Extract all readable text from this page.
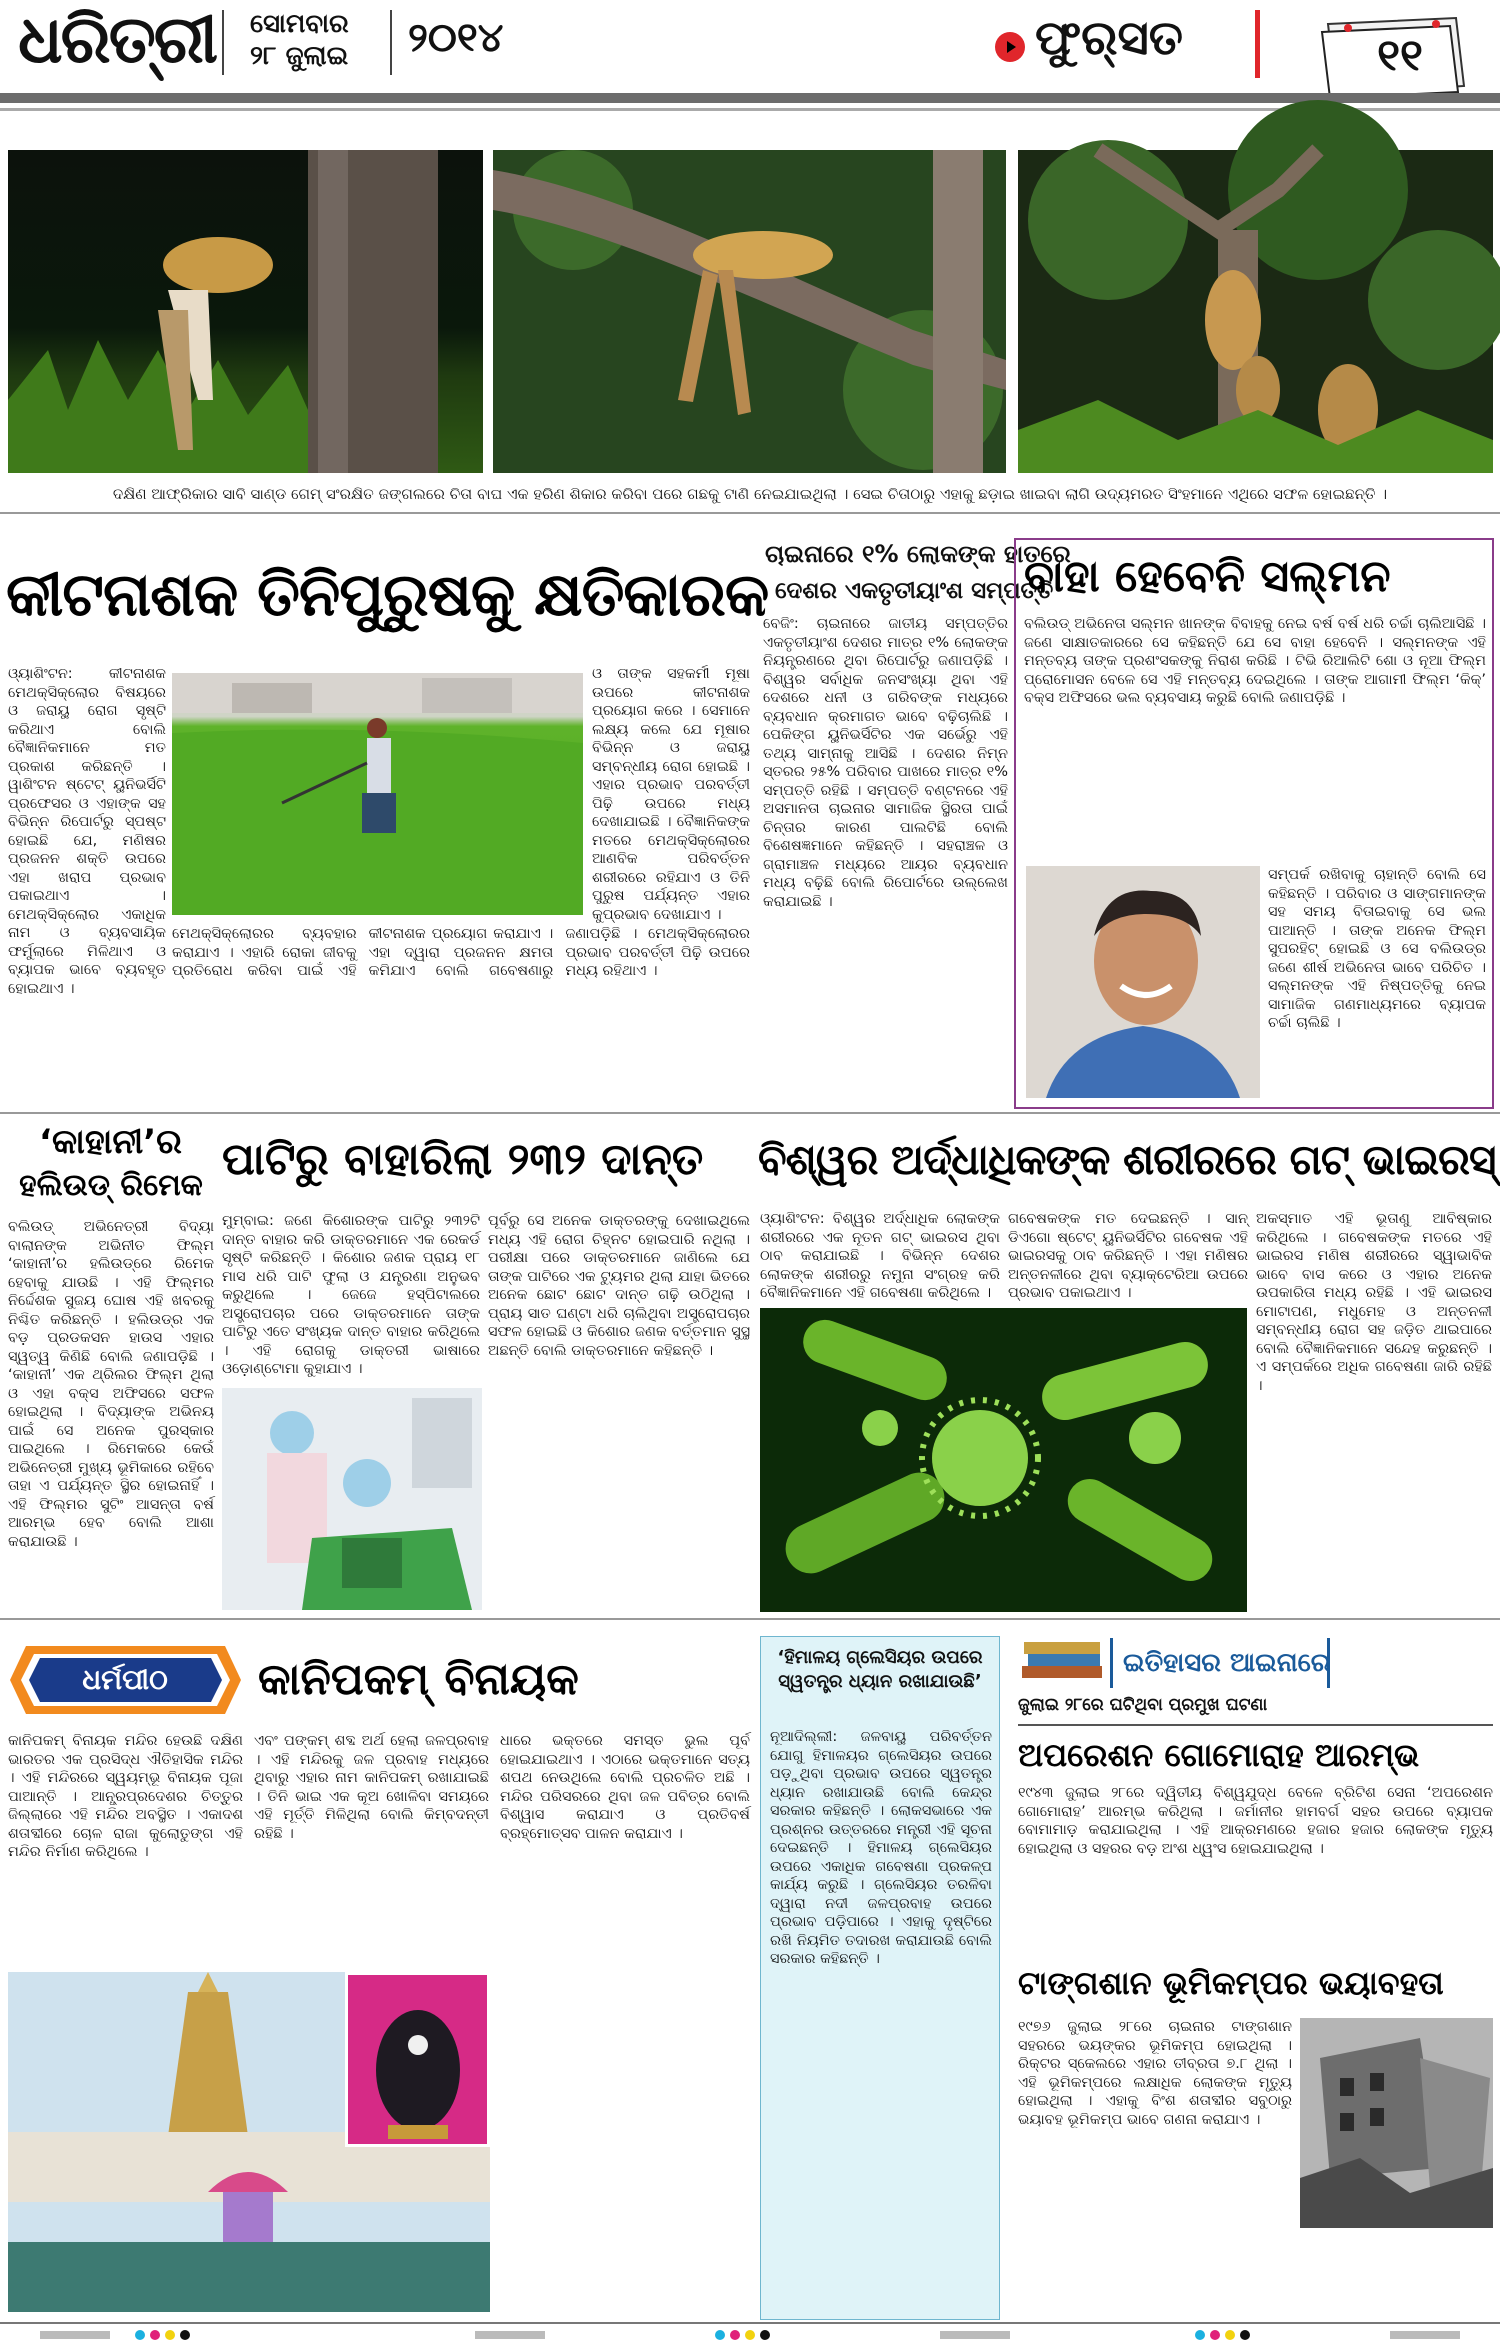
ଧରିତ୍ରୀ	ସୋମବାର
୨୮ ଜୁଲାଇ	୨୦୧୪	ଫୁର୍‌ସତ	୧୧
ଦକ୍ଷିଣ ଆଫ୍ରିକାର ସାବି ସାଣ୍ଡ ଗେମ୍ ସଂରକ୍ଷିତ ଜଙ୍ଗଲରେ ଚିତା ବାଘ ଏକ ହରିଣ ଶିକାର କରିବା ପରେ ଗଛକୁ ଟାଣି ନେଇଯାଇଥିଲା । ସେଇ ଚିତାଠାରୁ ଏହାକୁ ଛଡ଼ାଇ ଖାଇବା ଲାଗି ଉଦ୍ୟମରତ ସିଂହମାନେ ଏଥିରେ ସଫଳ ହୋଇଛନ୍ତି ।
କୀଟନାଶକ ତିନିପୁରୁଷକୁ କ୍ଷତିକାରକ
ଓ୍ୟାଶିଂଟନ: କୀଟନାଶକ ମେଥକ୍ସିକ୍ଲୋର ବିଷୟରେ ଓ ଜରାୟୁ ରୋଗ ସୃଷ୍ଟି କରିଥାଏ ବୋଲି ବୈଜ୍ଞାନିକମାନେ ମତ ପ୍ରକାଶ କରିଛନ୍ତି । ୱାଶିଂଟନ ଷ୍ଟେଟ୍ ୟୁନିଭର୍ସିଟି ପ୍ରଫେସର ଓ ଏହାଙ୍କ ସହ ବିଭିନ୍ନ ରିପୋର୍ଟରୁ ସ୍ପଷ୍ଟ ହୋଇଛି ଯେ, ମଣିଷର ପ୍ରଜନନ ଶକ୍ତି ଉପରେ ଏହା ଖରାପ ପ୍ରଭାବ ପକାଇଥାଏ । ମେଥକ୍ସିକ୍ଲୋର ଏକାଧିକ ନାମ ଓ ବ୍ୟବସାୟିକ ଫର୍ମୁଲାରେ ମିଳିଥାଏ ଓ ବ୍ୟାପକ ଭାବେ ବ୍ୟବହୃତ ହୋଇଥାଏ ।
ଓ ତାଙ୍କ ସହକର୍ମୀ ମୂଷା ଉପରେ କୀଟନାଶକ ପ୍ରୟୋଗ କରେ । ସେମାନେ ଲକ୍ଷ୍ୟ କଲେ ଯେ ମୂଷାର ବିଭିନ୍ନ ଓ ଜରାୟୁ ସମ୍ବନ୍ଧୀୟ ରୋଗ ହୋଇଛି । ଏହାର ପ୍ରଭାବ ପରବର୍ତ୍ତୀ ପିଢ଼ି ଉପରେ ମଧ୍ୟ ଦେଖାଯାଇଛି । ବୈଜ୍ଞାନିକଙ୍କ ମତରେ ମେଥକ୍ସିକ୍ଲୋରର ଆଣବିକ ପରିବର୍ତ୍ତନ ଶରୀରରେ ରହିଯାଏ ଓ ତିନି ପୁରୁଷ ପର୍ଯ୍ୟନ୍ତ ଏହାର କୁପ୍ରଭାବ ଦେଖାଯାଏ ।
ମେଥକ୍ସିକ୍ଲୋରର ବ୍ୟବହାର କରାଯାଏ । ଏହାରି ରୋକା ଜୀବକୁ ପ୍ରତିରୋଧ କରିବା ପାଇଁ ଏହି କୀଟନାଶକ ପ୍ରୟୋଗ କରାଯାଏ । ଏହା ଦ୍ୱାରା ପ୍ରଜନନ କ୍ଷମତା କମିଯାଏ ବୋଲି ଗବେଷଣାରୁ ଜଣାପଡ଼ିଛି । ମେଥକ୍ସିକ୍ଲୋରର ପ୍ରଭାବ ପରବର୍ତ୍ତୀ ପିଢ଼ି ଉପରେ ମଧ୍ୟ ରହିଥାଏ ।
ଚାଇନାରେ ୧% ଲୋକଙ୍କ ହାତରେ
ଦେଶର ଏକତୃତୀୟାଂଶ ସମ୍ପତ୍ତି
ବେଜିଂ: ଚାଇନାରେ ଜାତୀୟ ସମ୍ପତ୍ତିର ଏକତୃତୀୟାଂଶ ଦେଶର ମାତ୍ର ୧% ଲୋକଙ୍କ ନିୟନ୍ତ୍ରଣରେ ଥିବା ରିପୋର୍ଟରୁ ଜଣାପଡ଼ିଛି । ବିଶ୍ୱର ସର୍ବାଧିକ ଜନସଂଖ୍ୟା ଥିବା ଏହି ଦେଶରେ ଧନୀ ଓ ଗରିବଙ୍କ ମଧ୍ୟରେ ବ୍ୟବଧାନ କ୍ରମାଗତ ଭାବେ ବଢ଼ିଚାଲିଛି । ପେକିଙ୍ଗ ୟୁନିଭର୍ସିଟିର ଏକ ସର୍ଭେରୁ ଏହି ତଥ୍ୟ ସାମ୍ନାକୁ ଆସିଛି । ଦେଶର ନିମ୍ନ ସ୍ତରର ୨୫% ପରିବାର ପାଖରେ ମାତ୍ର ୧% ସମ୍ପତ୍ତି ରହିଛି । ସମ୍ପତ୍ତି ବଣ୍ଟନରେ ଏହି ଅସମାନତା ଚାଇନାର ସାମାଜିକ ସ୍ଥିରତା ପାଇଁ ଚିନ୍ତାର କାରଣ ପାଲଟିଛି ବୋଲି ବିଶେଷଜ୍ଞମାନେ କହିଛନ୍ତି । ସହରାଞ୍ଚଳ ଓ ଗ୍ରାମାଞ୍ଚଳ ମଧ୍ୟରେ ଆୟର ବ୍ୟବଧାନ ମଧ୍ୟ ବଢ଼ିଛି ବୋଲି ରିପୋର୍ଟରେ ଉଲ୍ଲେଖ କରାଯାଇଛି ।
ବାହା ହେବେନି ସଲ୍‌ମନ
ବଲିଉଡ୍ ଅଭିନେତା ସଲ୍‌ମନ ଖାନଙ୍କ ବିବାହକୁ ନେଇ ବର୍ଷ ବର୍ଷ ଧରି ଚର୍ଚ୍ଚା ଚାଲିଆସିଛି । ଜଣେ ସାକ୍ଷାତକାରରେ ସେ କହିଛନ୍ତି ଯେ ସେ ବାହା ହେବେନି । ସଲ୍‌ମନଙ୍କ ଏହି ମନ୍ତବ୍ୟ ତାଙ୍କ ପ୍ରଶଂସକଙ୍କୁ ନିରାଶ କରିଛି । ଟିଭି ରିଆଲିଟି ଶୋ ଓ ନୂଆ ଫିଲ୍ମ ପ୍ରୋମୋସନ ବେଳେ ସେ ଏହି ମନ୍ତବ୍ୟ ଦେଇଥିଲେ । ତାଙ୍କ ଆଗାମୀ ଫିଲ୍ମ ‘କିକ୍’ ବକ୍ସ ଅଫିସରେ ଭଲ ବ୍ୟବସାୟ କରୁଛି ବୋଲି ଜଣାପଡ଼ିଛି ।
ସମ୍ପର୍କ ରଖିବାକୁ ଚାହାନ୍ତି ବୋଲି ସେ କହିଛନ୍ତି । ପରିବାର ଓ ସାଙ୍ଗମାନଙ୍କ ସହ ସମୟ ବିତାଇବାକୁ ସେ ଭଲ ପାଆନ୍ତି । ତାଙ୍କ ଅନେକ ଫିଲ୍ମ ସୁପରହିଟ୍ ହୋଇଛି ଓ ସେ ବଲିଉଡ୍‌ର ଜଣେ ଶୀର୍ଷ ଅଭିନେତା ଭାବେ ପରିଚିତ । ସଲ୍‌ମନଙ୍କ ଏହି ନିଷ୍ପତ୍ତିକୁ ନେଇ ସାମାଜିକ ଗଣମାଧ୍ୟମରେ ବ୍ୟାପକ ଚର୍ଚ୍ଚା ଚାଲିଛି ।
‘କାହାନୀ’ର
ହଲିଉଡ୍ ରିମେକ
ବଲିଉଡ୍ ଅଭିନେତ୍ରୀ ବିଦ୍ୟା ବାଲାନଙ୍କ ଅଭିନୀତ ଫିଲ୍ମ ‘କାହାନୀ’ର ହଲିଉଡ୍‌ରେ ରିମେକ ହେବାକୁ ଯାଉଛି । ଏହି ଫିଲ୍ମର ନିର୍ଦ୍ଦେଶକ ସୁଜୟ ଘୋଷ ଏହି ଖବରକୁ ନିଶ୍ଚିତ କରିଛନ୍ତି । ହଲିଉଡ୍‌ର ଏକ ବଡ଼ ପ୍ରଡକସନ ହାଉସ ଏହାର ସ୍ୱତ୍ୱ କିଣିଛି ବୋଲି ଜଣାପଡ଼ିଛି । ‘କାହାନୀ’ ଏକ ଥ୍ରିଲର ଫିଲ୍ମ ଥିଲା ଓ ଏହା ବକ୍ସ ଅଫିସରେ ସଫଳ ହୋଇଥିଲା । ବିଦ୍ୟାଙ୍କ ଅଭିନୟ ପାଇଁ ସେ ଅନେକ ପୁରସ୍କାର ପାଇଥିଲେ । ରିମେକରେ କେଉଁ ଅଭିନେତ୍ରୀ ମୁଖ୍ୟ ଭୂମିକାରେ ରହିବେ ତାହା ଏ ପର୍ଯ୍ୟନ୍ତ ସ୍ଥିର ହୋଇନାହିଁ । ଏହି ଫିଲ୍ମର ସୁଟିଂ ଆସନ୍ତା ବର୍ଷ ଆରମ୍ଭ ହେବ ବୋଲି ଆଶା କରାଯାଉଛି ।
ପାଟିରୁ ବାହାରିଲା ୨୩୨ ଦାନ୍ତ
ମୁମ୍ବାଇ: ଜଣେ କିଶୋରଙ୍କ ପାଟିରୁ ୨୩୨ଟି ଦାନ୍ତ ବାହାର କରି ଡାକ୍ତରମାନେ ଏକ ରେକର୍ଡ ସୃଷ୍ଟି କରିଛନ୍ତି । କିଶୋର ଜଣକ ପ୍ରାୟ ୧୮ ମାସ ଧରି ପାଟି ଫୁଲା ଓ ଯନ୍ତ୍ରଣା ଅନୁଭବ କରୁଥିଲେ । ଜେଜେ ହସ୍ପିଟାଲରେ ଅସ୍ତ୍ରୋପଚାର ପରେ ଡାକ୍ତରମାନେ ତାଙ୍କ ପାଟିରୁ ଏତେ ସଂଖ୍ୟକ ଦାନ୍ତ ବାହାର କରିଥିଲେ । ଏହି ରୋଗକୁ ଡାକ୍ତରୀ ଭାଷାରେ ଓଡ଼ୋଣ୍ଟୋମା କୁହାଯାଏ ।
ପୂର୍ବରୁ ସେ ଅନେକ ଡାକ୍ତରଙ୍କୁ ଦେଖାଇଥିଲେ ମଧ୍ୟ ଏହି ରୋଗ ଚିହ୍ନଟ ହୋଇପାରି ନଥିଲା । ପରୀକ୍ଷା ପରେ ଡାକ୍ତରମାନେ ଜାଣିଲେ ଯେ ତାଙ୍କ ପାଟିରେ ଏକ ଟ୍ୟୁମର ଥିଲା ଯାହା ଭିତରେ ଅନେକ ଛୋଟ ଛୋଟ ଦାନ୍ତ ଗଢ଼ି ଉଠିଥିଲା । ପ୍ରାୟ ସାତ ଘଣ୍ଟା ଧରି ଚାଲିଥିବା ଅସ୍ତ୍ରୋପଚାର ସଫଳ ହୋଇଛି ଓ କିଶୋର ଜଣକ ବର୍ତ୍ତମାନ ସୁସ୍ଥ ଅଛନ୍ତି ବୋଲି ଡାକ୍ତରମାନେ କହିଛନ୍ତି ।
ବିଶ୍ୱର ଅର୍ଦ୍ଧାଧିକଙ୍କ ଶରୀରରେ ଗଟ୍ ଭାଇରସ୍
ଓ୍ୟାଶିଂଟନ: ବିଶ୍ୱର ଅର୍ଦ୍ଧାଧିକ ଲୋକଙ୍କ ଶରୀରରେ ଏକ ନୂତନ ଗଟ୍ ଭାଇରସ ଥିବା ଠାବ କରାଯାଇଛି । ବିଭିନ୍ନ ଦେଶର ଲୋକଙ୍କ ଶରୀରରୁ ନମୁନା ସଂଗ୍ରହ କରି ବୈଜ୍ଞାନିକମାନେ ଏହି ଗବେଷଣା କରିଥିଲେ ।
ଗବେଷକଙ୍କ ମତ ଦେଇଛନ୍ତି । ସାନ୍ ଡିଏଗୋ ଷ୍ଟେଟ୍ ୟୁନିଭର୍ସିଟିର ଗବେଷକ ଏହି ଭାଇରସକୁ ଠାବ କରିଛନ୍ତି । ଏହା ମଣିଷର ଅନ୍ତନଳୀରେ ଥିବା ବ୍ୟାକ୍ଟେରିଆ ଉପରେ ପ୍ରଭାବ ପକାଇଥାଏ ।
ଅକସ୍ମାତ ଏହି ଭୂତାଣୁ ଆବିଷ୍କାର କରିଥିଲେ । ଗବେଷକଙ୍କ ମତରେ ଏହି ଭାଇରସ ମଣିଷ ଶରୀରରେ ସ୍ୱାଭାବିକ ଭାବେ ବାସ କରେ ଓ ଏହାର ଅନେକ ଉପକାରିତା ମଧ୍ୟ ରହିଛି । ଏହି ଭାଇରସ ମୋଟାପଣ, ମଧୁମେହ ଓ ଅନ୍ତନଳୀ ସମ୍ବନ୍ଧୀୟ ରୋଗ ସହ ଜଡ଼ିତ ଥାଇପାରେ ବୋଲି ବୈଜ୍ଞାନିକମାନେ ସନ୍ଦେହ କରୁଛନ୍ତି । ଏ ସମ୍ପର୍କରେ ଅଧିକ ଗବେଷଣା ଜାରି ରହିଛି ।
ଧର୍ମପୀଠ	କାନିପକମ୍ ବିନାୟକ
କାନିପକମ୍ ବିନାୟକ ମନ୍ଦିର ହେଉଛି ଦକ୍ଷିଣ ଭାରତର ଏକ ପ୍ରସିଦ୍ଧ ଐତିହାସିକ ମନ୍ଦିର । ଏହି ମନ୍ଦିରରେ ସ୍ୱୟମ୍ଭୂ ବିନାୟକ ପୂଜା ପାଆନ୍ତି । ଆନ୍ଧ୍ରପ୍ରଦେଶର ଚିତ୍ତୁର ଜିଲ୍ଲାରେ ଏହି ମନ୍ଦିର ଅବସ୍ଥିତ । ଏକାଦଶ ଶତାବ୍ଦୀରେ ଚୋଳ ରାଜା କୁଲୋତୁଙ୍ଗ ଏହି ମନ୍ଦିର ନିର୍ମାଣ କରିଥିଲେ ।
ଏବଂ ପଙ୍କମ୍ ଶବ୍ଦ ଅର୍ଥ ହେଲା ଜଳପ୍ରବାହ । ଏହି ମନ୍ଦିରକୁ ଜଳ ପ୍ରବାହ ମଧ୍ୟରେ ଥିବାରୁ ଏହାର ନାମ କାନିପକମ୍ ରଖାଯାଇଛି । ତିନି ଭାଇ ଏକ କୂଅ ଖୋଳିବା ସମୟରେ ଏହି ମୂର୍ତ୍ତି ମିଳିଥିଲା ବୋଲି କିମ୍ବଦନ୍ତୀ ରହିଛି ।
ଧାରେ ଭକ୍ତରେ ସମସ୍ତ ଭୁଲ ପୂର୍ବ ହୋଇଯାଇଥାଏ । ଏଠାରେ ଭକ୍ତମାନେ ସତ୍ୟ ଶପଥ ନେଉଥିଲେ ବୋଲି ପ୍ରଚଳିତ ଅଛି । ମନ୍ଦିର ପରିସରରେ ଥିବା ଜଳ ପବିତ୍ର ବୋଲି ବିଶ୍ୱାସ କରାଯାଏ ଓ ପ୍ରତିବର୍ଷ ବ୍ରହ୍ମୋତ୍ସବ ପାଳନ କରାଯାଏ ।
‘ହିମାଳୟ ଗ୍ଲେସିୟର ଉପରେ ସ୍ୱତନ୍ତ୍ର ଧ୍ୟାନ ରଖାଯାଉଛି’
ନୂଆଦିଲ୍ଲୀ: ଜଳବାୟୁ ପରିବର୍ତ୍ତନ ଯୋଗୁ ହିମାଳୟର ଗ୍ଲେସିୟର ଉପରେ ପଡ଼ୁଥିବା ପ୍ରଭାବ ଉପରେ ସ୍ୱତନ୍ତ୍ର ଧ୍ୟାନ ରଖାଯାଉଛି ବୋଲି କେନ୍ଦ୍ର ସରକାର କହିଛନ୍ତି । ଲୋକସଭାରେ ଏକ ପ୍ରଶ୍ନର ଉତ୍ତରରେ ମନ୍ତ୍ରୀ ଏହି ସୂଚନା ଦେଇଛନ୍ତି । ହିମାଳୟ ଗ୍ଲେସିୟର ଉପରେ ଏକାଧିକ ଗବେଷଣା ପ୍ରକଳ୍ପ କାର୍ଯ୍ୟ କରୁଛି । ଗ୍ଲେସିୟର ତରଳିବା ଦ୍ୱାରା ନଦୀ ଜଳପ୍ରବାହ ଉପରେ ପ୍ରଭାବ ପଡ଼ିପାରେ । ଏହାକୁ ଦୃଷ୍ଟିରେ ରଖି ନିୟମିତ ତଦାରଖ କରାଯାଉଛି ବୋଲି ସରକାର କହିଛନ୍ତି ।
ଇତିହାସର ଆଇନାରେ
ଜୁଲାଇ ୨୮ରେ ଘଟିଥିବା ପ୍ରମୁଖ ଘଟଣା
ଅପରେଶନ ଗୋମୋରାହ ଆରମ୍ଭ
୧୯୪୩ ଜୁଲାଇ ୨୮ରେ ଦ୍ୱିତୀୟ ବିଶ୍ୱଯୁଦ୍ଧ ବେଳେ ବ୍ରିଟିଶ ସେନା ‘ଅପରେଶନ ଗୋମୋରାହ’ ଆରମ୍ଭ କରିଥିଲା । ଜର୍ମାନୀର ହାମବର୍ଗ ସହର ଉପରେ ବ୍ୟାପକ ବୋମାମାଡ଼ କରାଯାଇଥିଲା । ଏହି ଆକ୍ରମଣରେ ହଜାର ହଜାର ଲୋକଙ୍କ ମୃତ୍ୟୁ ହୋଇଥିଲା ଓ ସହରର ବଡ଼ ଅଂଶ ଧ୍ୱଂସ ହୋଇଯାଇଥିଲା ।
ଟାଙ୍ଗଶାନ ଭୂମିକମ୍ପର ଭୟାବହତା
୧୯୭୬ ଜୁଲାଇ ୨୮ରେ ଚାଇନାର ଟାଙ୍ଗଶାନ ସହରରେ ଭୟଙ୍କର ଭୂମିକମ୍ପ ହୋଇଥିଲା । ରିକ୍ଟର ସ୍କେଲରେ ଏହାର ତୀବ୍ରତା ୭.୮ ଥିଲା । ଏହି ଭୂମିକମ୍ପରେ ଲକ୍ଷାଧିକ ଲୋକଙ୍କ ମୃତ୍ୟୁ ହୋଇଥିଲା । ଏହାକୁ ବିଂଶ ଶତାବ୍ଦୀର ସବୁଠାରୁ ଭୟାବହ ଭୂମିକମ୍ପ ଭାବେ ଗଣନା କରାଯାଏ ।
